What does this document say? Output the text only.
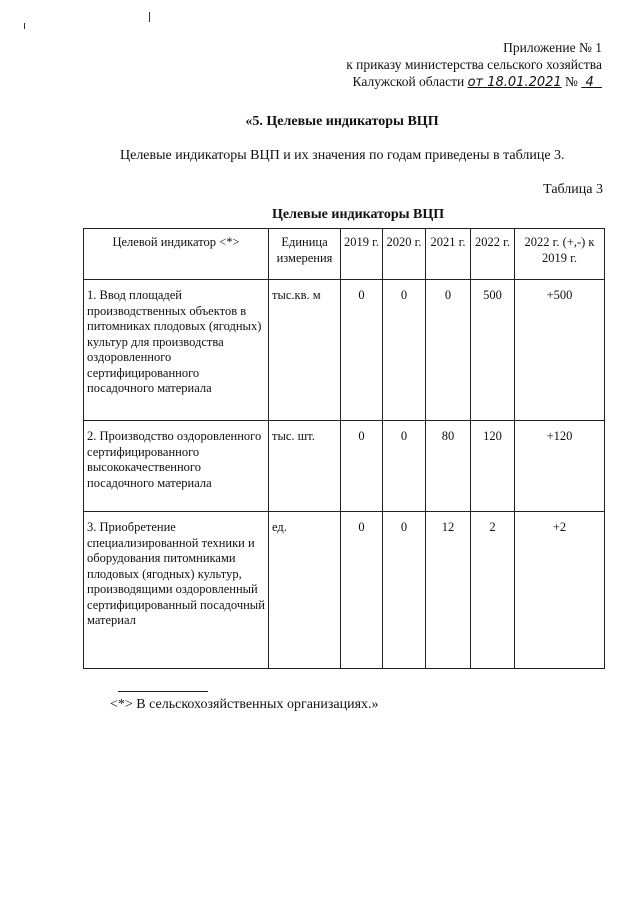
Приложение № 1
к приказу министерства сельского хозяйства
Калужской области от 18.01.2021 № 4
«5. Целевые индикаторы ВЦП
Целевые индикаторы ВЦП и их значения по годам приведены в таблице 3.
Таблица 3
Целевые индикаторы ВЦП
Целевой индикатор <*>	Единица измерения	2019 г.	2020 г.	2021 г.	2022 г.	2022 г. (+,-) к 2019 г.
1. Ввод площадей производственных объектов в питомниках плодовых (ягодных) культур для производства оздоровленного сертифицированного посадочного материала	тыс.кв. м	0	0	0	500	+500
2. Производство оздоровленного сертифицированного высококачественного посадочного материала	тыс. шт.	0	0	80	120	+120
3. Приобретение специализированной техники и оборудования питомниками плодовых (ягодных) культур, производящими оздоровленный сертифицированный посадочный материал	ед.	0	0	12	2	+2
<*> В сельскохозяйственных организациях.»
